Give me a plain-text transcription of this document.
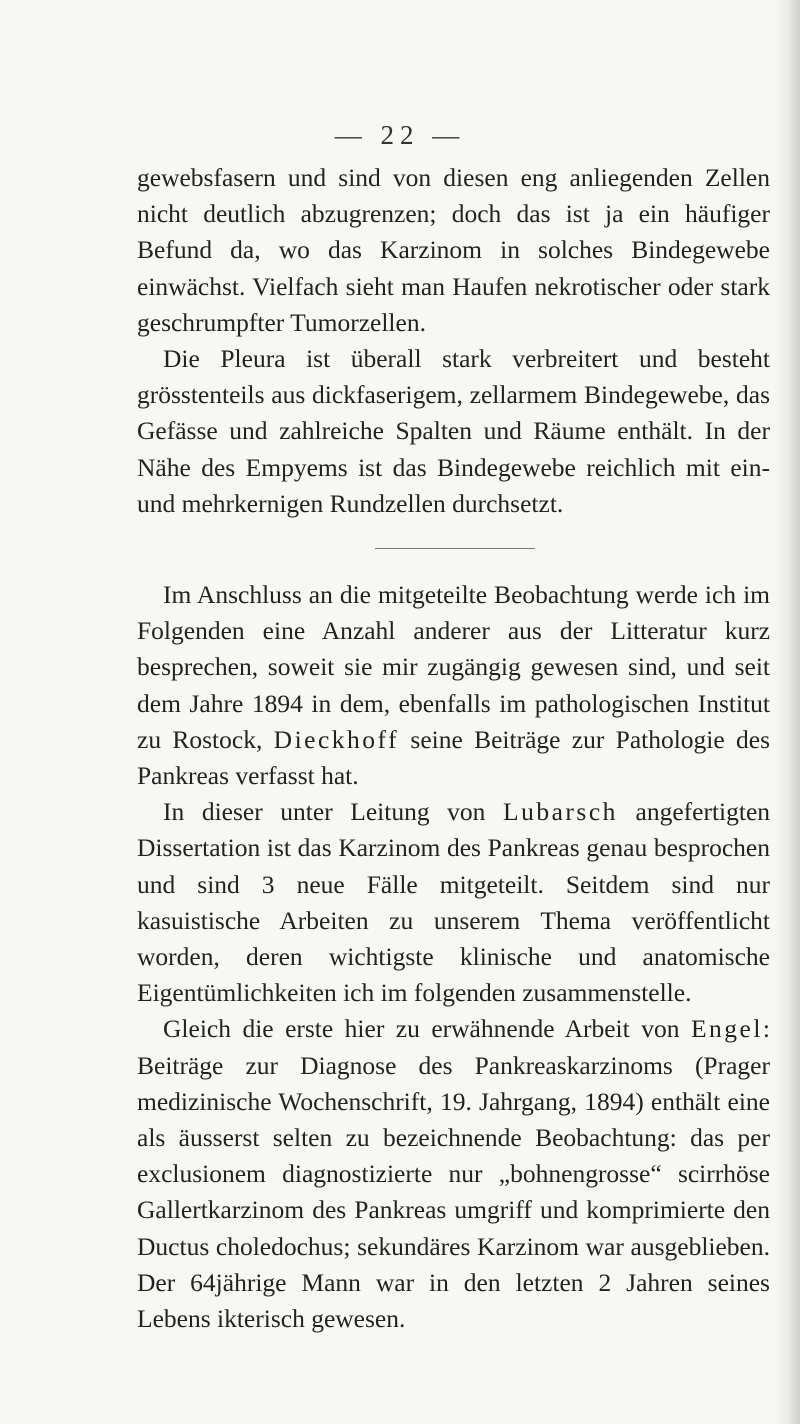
— 22 —

gewebsfasern und sind von diesen eng anliegenden Zellen nicht deutlich abzugrenzen; doch das ist ja ein häufiger Befund da, wo das Karzinom in solches Bindegewebe einwächst. Vielfach sieht man Haufen nekrotischer oder stark geschrumpfter Tumorzellen.

Die Pleura ist überall stark verbreitert und besteht grösstenteils aus dickfaserigem, zellarmem Bindegewebe, das Gefässe und zahlreiche Spalten und Räume enthält. In der Nähe des Empyems ist das Bindegewebe reichlich mit ein- und mehrkernigen Rundzellen durchsetzt.

Im Anschluss an die mitgeteilte Beobachtung werde ich im Folgenden eine Anzahl anderer aus der Litteratur kurz besprechen, soweit sie mir zugängig gewesen sind, und seit dem Jahre 1894 in dem, ebenfalls im pathologischen Institut zu Rostock, Dieckhoff seine Beiträge zur Pathologie des Pankreas verfasst hat.

In dieser unter Leitung von Lubarsch angefertigten Dissertation ist das Karzinom des Pankreas genau besprochen und sind 3 neue Fälle mitgeteilt. Seitdem sind nur kasuistische Arbeiten zu unserem Thema veröffentlicht worden, deren wichtigste klinische und anatomische Eigentümlichkeiten ich im folgenden zusammenstelle.

Gleich die erste hier zu erwähnende Arbeit von Engel: Beiträge zur Diagnose des Pankreaskarzinoms (Prager medizinische Wochenschrift, 19. Jahrgang, 1894) enthält eine als äusserst selten zu bezeichnende Beobachtung: das per exclusionem diagnostizierte nur „bohnengrosse“ scirrhöse Gallertkarzinom des Pankreas umgriff und komprimierte den Ductus choledochus; sekundäres Karzinom war ausgeblieben. Der 64jährige Mann war in den letzten 2 Jahren seines Lebens ikterisch gewesen.
